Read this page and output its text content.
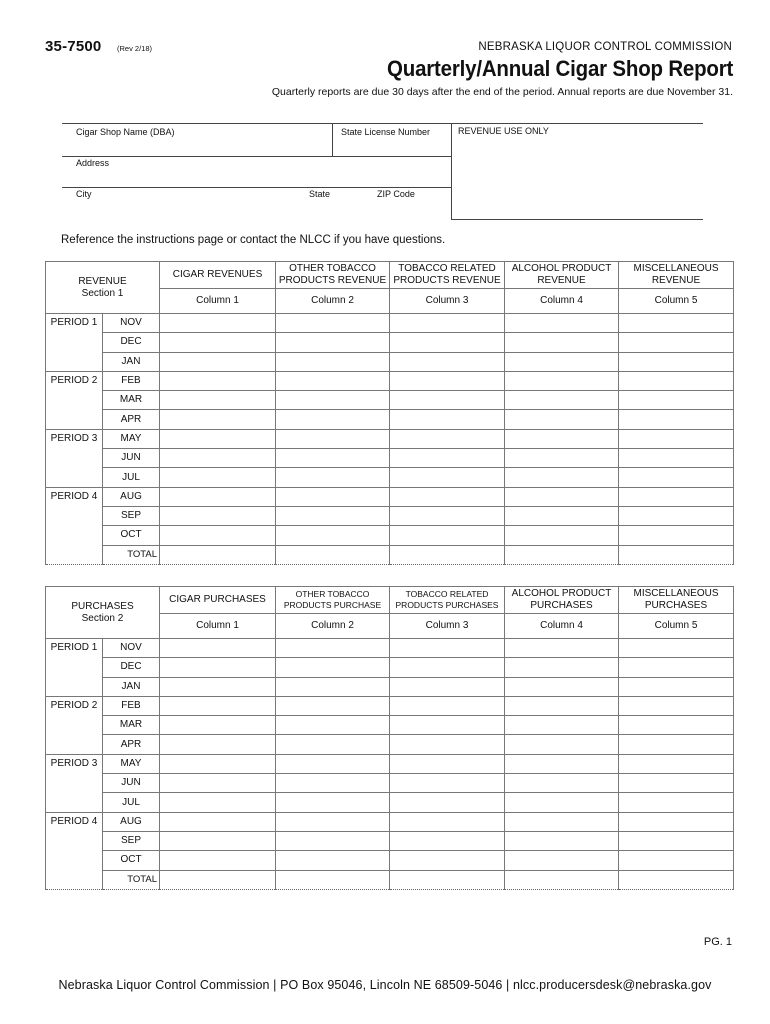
35-7500 (Rev 2/18)	NEBRASKA LIQUOR CONTROL COMMISSION
Quarterly/Annual Cigar Shop Report
Quarterly reports are due 30 days after the end of the period. Annual reports are due November 31.
Cigar Shop Name (DBA)	State License Number	REVENUE USE ONLY
Address
City	State	ZIP Code
Reference the instructions page or contact the NLCC if you have questions.
REVENUE
Section 1		CIGAR REVENUES	OTHER TOBACCO PRODUCTS REVENUE	TOBACCO RELATED PRODUCTS REVENUE	ALCOHOL PRODUCT REVENUE	MISCELLANEOUS REVENUE
		Column 1	Column 2	Column 3	Column 4	Column 5
PERIOD 1	NOV					
	DEC					
	JAN					
PERIOD 2	FEB					
	MAR					
	APR					
PERIOD 3	MAY					
	JUN					
	JUL					
PERIOD 4	AUG					
	SEP					
	OCT					
	TOTAL					
PURCHASES
Section 2		CIGAR PURCHASES	OTHER TOBACCO PRODUCTS PURCHASE	TOBACCO RELATED PRODUCTS PURCHASES	ALCOHOL PRODUCT PURCHASES	MISCELLANEOUS PURCHASES
		Column 1	Column 2	Column 3	Column 4	Column 5
PERIOD 1	NOV					
	DEC					
	JAN					
PERIOD 2	FEB					
	MAR					
	APR					
PERIOD 3	MAY					
	JUN					
	JUL					
PERIOD 4	AUG					
	SEP					
	OCT					
	TOTAL					
PG. 1
Nebraska Liquor Control Commission | PO Box 95046, Lincoln NE 68509-5046 | nlcc.producersdesk@nebraska.gov
